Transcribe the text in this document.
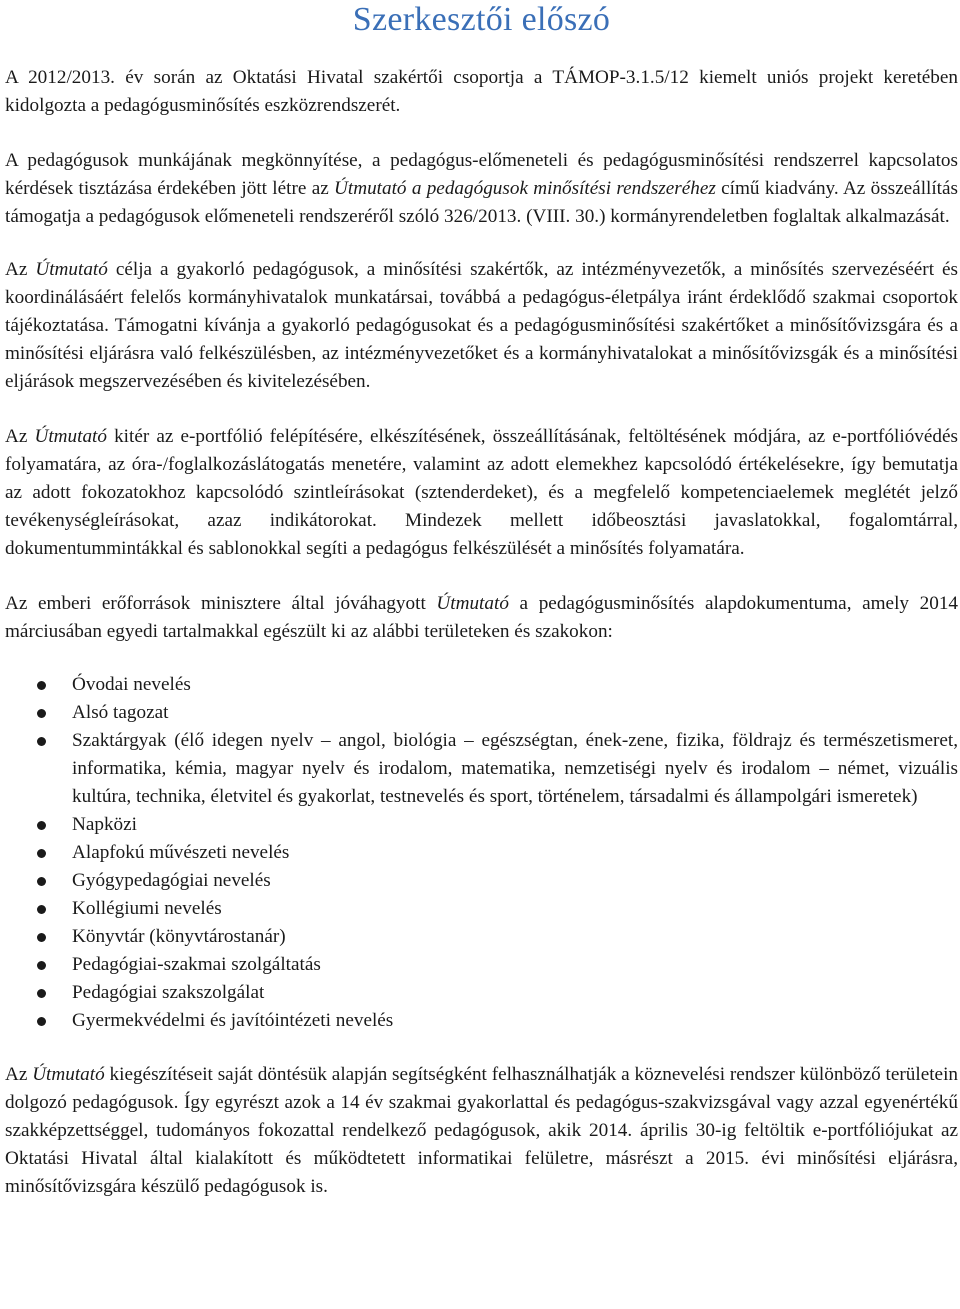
Szerkesztői előszó

A 2012/2013. év során az Oktatási Hivatal szakértői csoportja a TÁMOP-3.1.5/12 kiemelt uniós projekt keretében kidolgozta a pedagógusminősítés eszközrendszerét.

A pedagógusok munkájának megkönnyítése, a pedagógus-előmeneteli és pedagógusminősítési rendszerrel kapcsolatos kérdések tisztázása érdekében jött létre az Útmutató a pedagógusok minősítési rendszeréhez című kiadvány. Az összeállítás támogatja a pedagógusok előmeneteli rendszeréről szóló 326/2013. (VIII. 30.) kormányrendeletben foglaltak alkalmazását.

Az Útmutató célja a gyakorló pedagógusok, a minősítési szakértők, az intézményvezetők, a minősítés szervezéséért és koordinálásáért felelős kormányhivatalok munkatársai, továbbá a pedagógus-életpálya iránt érdeklődő szakmai csoportok tájékoztatása. Támogatni kívánja a gyakorló pedagógusokat és a pedagógusminősítési szakértőket a minősítővizsgára és a minősítési eljárásra való felkészülésben, az intézményvezetőket és a kormányhivatalokat a minősítővizsgák és a minősítési eljárások megszervezésében és kivitelezésében.

Az Útmutató kitér az e-portfólió felépítésére, elkészítésének, összeállításának, feltöltésének módjára, az e-portfólióvédés folyamatára, az óra-/foglalkozáslátogatás menetére, valamint az adott elemekhez kapcsolódó értékelésekre, így bemutatja az adott fokozatokhoz kapcsolódó szintleírásokat (sztenderdeket), és a megfelelő kompetenciaelemek meglétét jelző tevékenységleírásokat, azaz indikátorokat. Mindezek mellett időbeosztási javaslatokkal, fogalomtárral, dokumentummintákkal és sablonokkal segíti a pedagógus felkészülését a minősítés folyamatára.

Az emberi erőforrások minisztere által jóváhagyott Útmutató a pedagógusminősítés alapdokumentuma, amely 2014 márciusában egyedi tartalmakkal egészült ki az alábbi területeken és szakokon:

Óvodai nevelés
Alsó tagozat
Szaktárgyak (élő idegen nyelv – angol, biológia – egészségtan, ének-zene, fizika, földrajz és természetismeret, informatika, kémia, magyar nyelv és irodalom, matematika, nemzetiségi nyelv és irodalom – német, vizuális kultúra, technika, életvitel és gyakorlat, testnevelés és sport, történelem, társadalmi és állampolgári ismeretek)
Napközi
Alapfokú művészeti nevelés
Gyógypedagógiai nevelés
Kollégiumi nevelés
Könyvtár (könyvtárostanár)
Pedagógiai-szakmai szolgáltatás
Pedagógiai szakszolgálat
Gyermekvédelmi és javítóintézeti nevelés

Az Útmutató kiegészítéseit saját döntésük alapján segítségként felhasználhatják a köznevelési rendszer különböző területein dolgozó pedagógusok. Így egyrészt azok a 14 év szakmai gyakorlattal és pedagógus-szakvizsgával vagy azzal egyenértékű szakképzettséggel, tudományos fokozattal rendelkező pedagógusok, akik 2014. április 30-ig feltöltik e-portfóliójukat az Oktatási Hivatal által kialakított és működtetett informatikai felületre, másrészt a 2015. évi minősítési eljárásra, minősítővizsgára készülő pedagógusok is.
